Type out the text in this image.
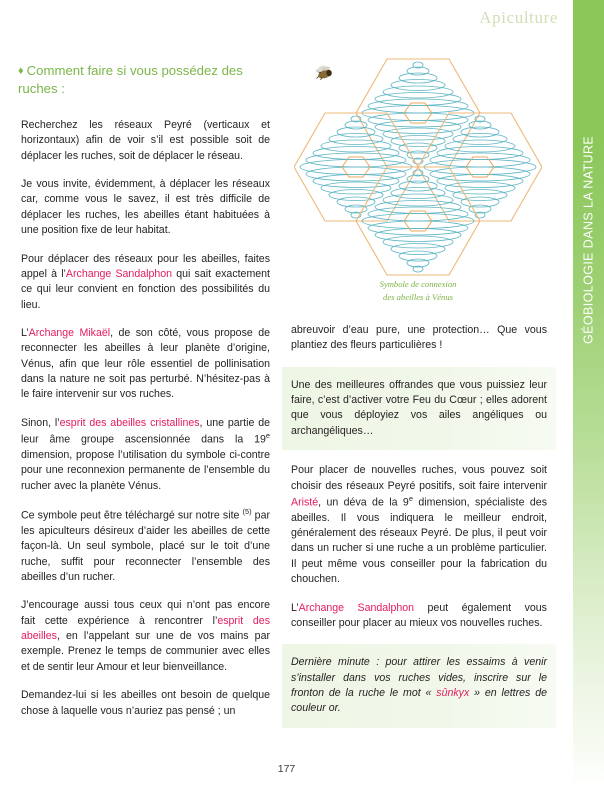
GÉOBIOLOGIE DANS LA NATURE
Apiculture
♦ Comment faire si vous possédez des ruches :
Symbole de connexion
des abeilles à Vénus
Recherchez les réseaux Peyré (verticaux et horizontaux) afin de voir s’il est possible soit de déplacer les ruches, soit de déplacer le réseau.
Je vous invite, évidemment, à déplacer les réseaux car, comme vous le savez, il est très difficile de déplacer les ruches, les abeilles étant habituées à une position fixe de leur habitat.
Pour déplacer des réseaux pour les abeilles, faites appel à l’Archange Sandalphon qui sait exactement ce qui leur convient en fonction des possibilités du lieu.
L’Archange Mikaël, de son côté, vous propose de reconnecter les abeilles à leur planète d’origine, Vénus, afin que leur rôle essentiel de pollinisation dans la nature ne soit pas perturbé. N’hésitez-pas à le faire intervenir sur vos ruches.
Sinon, l’esprit des abeilles cristallines, une partie de leur âme groupe ascensionnée dans la 19e dimension, propose l’utilisation du symbole ci-contre pour une reconnexion permanente de l’ensemble du rucher avec la planète Vénus.
Ce symbole peut être téléchargé sur notre site $^{(5)}$ par les apiculteurs désireux d’aider les abeilles de cette façon-là. Un seul symbole, placé sur le toit d’une ruche, suffit pour reconnecter l’ensemble des abeilles d’un rucher.
J’encourage aussi tous ceux qui n’ont pas encore fait cette expérience à rencontrer l’esprit des abeilles, en l’appelant sur une de vos mains par exemple. Prenez le temps de communier avec elles et de sentir leur Amour et leur bienveillance.
Demandez-lui si les abeilles ont besoin de quelque chose à laquelle vous n’auriez pas pensé ; un
abreuvoir d’eau pure, une protection… Que vous plantiez des fleurs particulières !
Une des meilleures offrandes que vous puissiez leur faire, c’est d’activer votre Feu du Cœur ; elles adorent que vous déployiez vos ailes angéliques ou archangéliques…
Pour placer de nouvelles ruches, vous pouvez soit choisir des réseaux Peyré positifs, soit faire intervenir Aristé, un déva de la 9e dimension, spécialiste des abeilles. Il vous indiquera le meilleur endroit, généralement des réseaux Peyré. De plus, il peut voir dans un rucher si une ruche a un problème particulier. Il peut même vous conseiller pour la fabrication du chouchen.
L’Archange Sandalphon peut également vous conseiller pour placer au mieux vos nouvelles ruches.
Dernière minute : pour attirer les essaims à venir s’installer dans vos ruches vides, inscrire sur le fronton de la ruche le mot « sûnkyx » en lettres de couleur or.
177
